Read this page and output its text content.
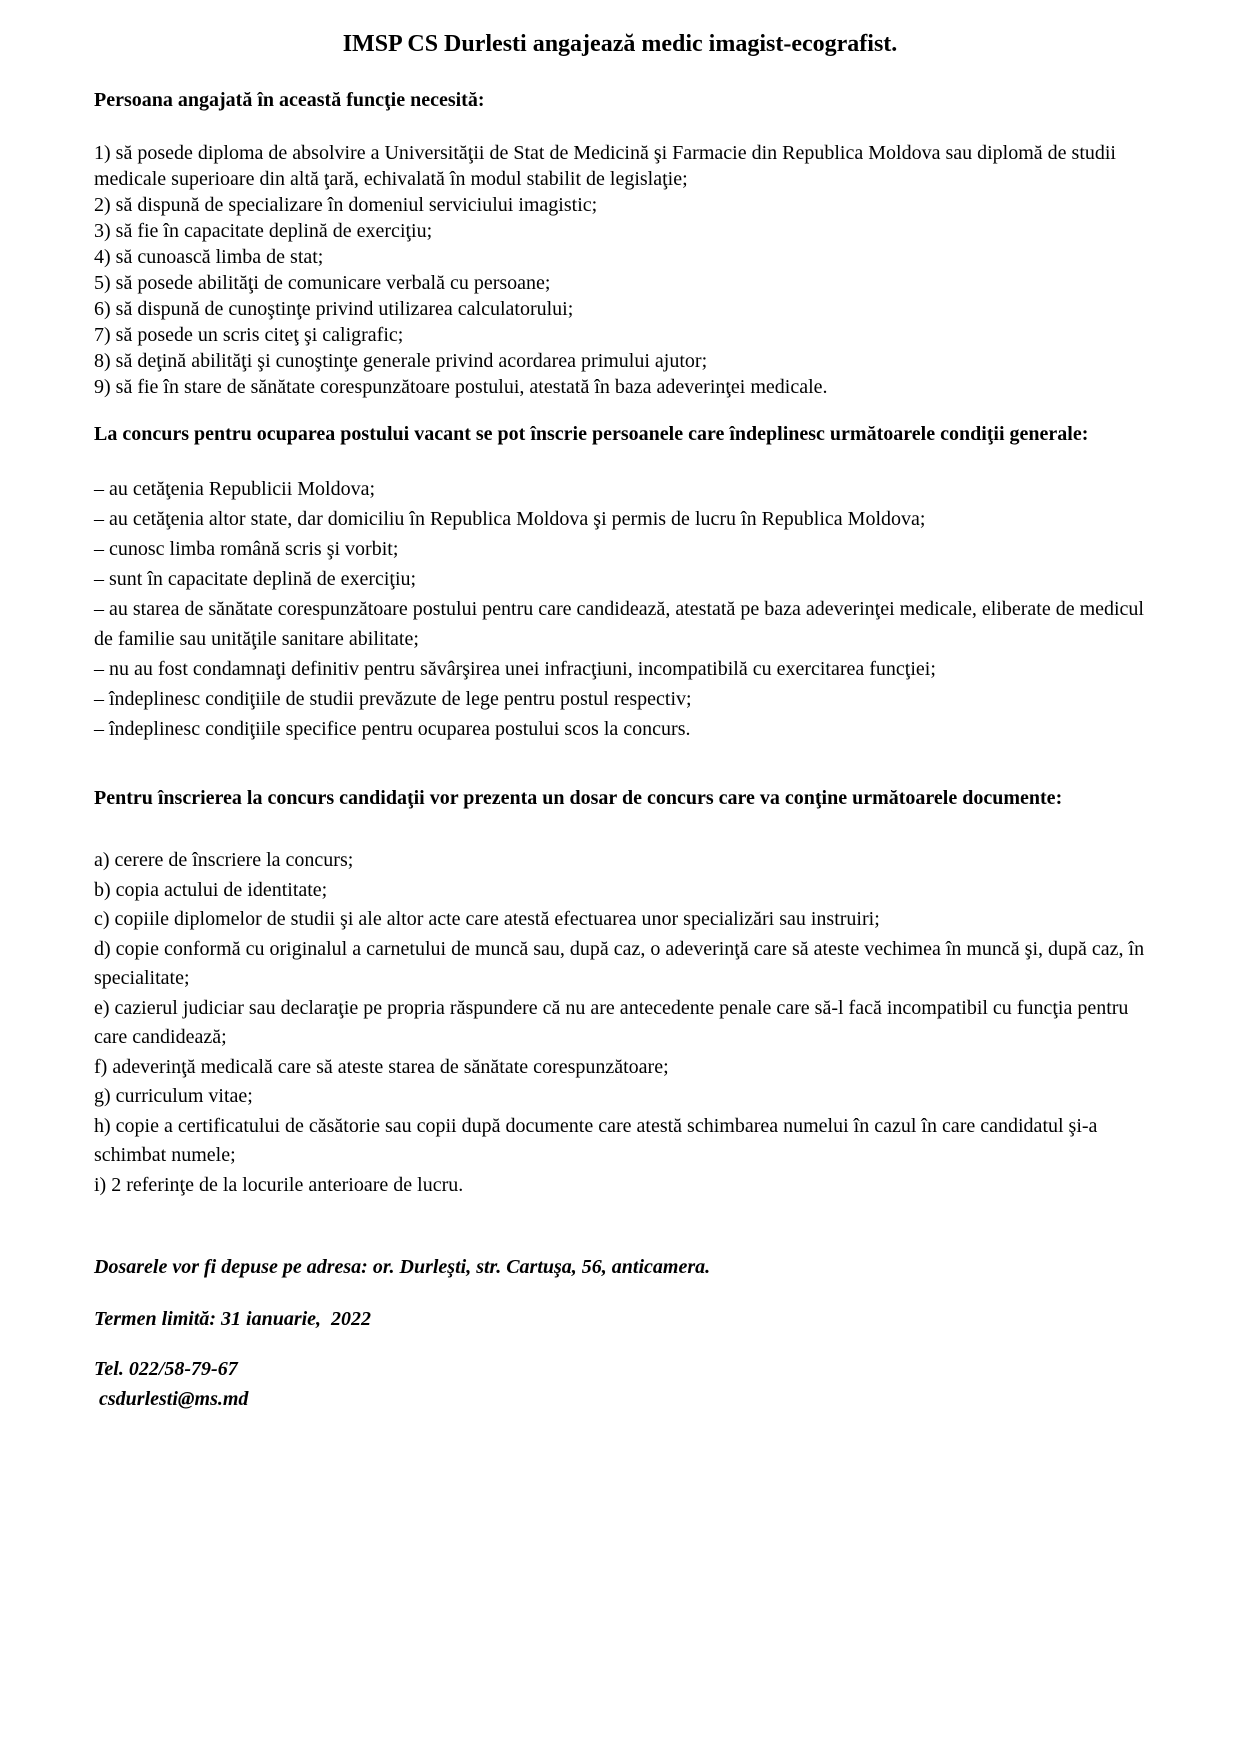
IMSP CS Durlesti angajează medic imagist-ecografist.

Persoana angajată în această funcţie necesită:

1) să posede diploma de absolvire a Universităţii de Stat de Medicină şi Farmacie din Republica Moldova sau diplomă de studii medicale superioare din altă ţară, echivalată în modul stabilit de legislaţie;

2) să dispună de specializare în domeniul serviciului imagistic;

3) să fie în capacitate deplină de exerciţiu;

4) să cunoască limba de stat;

5) să posede abilităţi de comunicare verbală cu persoane;

6) să dispună de cunoştinţe privind utilizarea calculatorului;

7) să posede un scris citeţ şi caligrafic;

8) să deţină abilităţi şi cunoştinţe generale privind acordarea primului ajutor;

9) să fie în stare de sănătate corespunzătoare postului, atestată în baza adeverinţei medicale.

La concurs pentru ocuparea postului vacant se pot înscrie persoanele care îndeplinesc următoarele condiţii generale:

– au cetăţenia Republicii Moldova;

– au cetăţenia altor state, dar domiciliu în Republica Moldova şi permis de lucru în Republica Moldova;

– cunosc limba română scris şi vorbit;

– sunt în capacitate deplină de exerciţiu;

– au starea de sănătate corespunzătoare postului pentru care candidează, atestată pe baza adeverinţei medicale, eliberate de medicul de familie sau unităţile sanitare abilitate;

– nu au fost condamnaţi definitiv pentru săvârşirea unei infracţiuni, incompatibilă cu exercitarea funcţiei;

– îndeplinesc condiţiile de studii prevăzute de lege pentru postul respectiv;

– îndeplinesc condiţiile specifice pentru ocuparea postului scos la concurs.

Pentru înscrierea la concurs candidaţii vor prezenta un dosar de concurs care va conţine următoarele documente:

a) cerere de înscriere la concurs;

b) copia actului de identitate;

c) copiile diplomelor de studii şi ale altor acte care atestă efectuarea unor specializări sau instruiri;

d) copie conformă cu originalul a carnetului de muncă sau, după caz, o adeverinţă care să ateste vechimea în muncă şi, după caz, în specialitate;

e) cazierul judiciar sau declaraţie pe propria răspundere că nu are antecedente penale care să-l facă incompatibil cu funcţia pentru care candidează;

f) adeverinţă medicală care să ateste starea de sănătate corespunzătoare;

g) curriculum vitae;

h) copie a certificatului de căsătorie sau copii după documente care atestă schimbarea numelui în cazul în care candidatul şi-a schimbat numele;

i) 2 referinţe de la locurile anterioare de lucru.

Dosarele vor fi depuse pe adresa: or. Durleşti, str. Cartuşa, 56, anticamera.

Termen limită: 31 ianuarie,  2022

Tel. 022/58-79-67

csdurlesti@ms.md
